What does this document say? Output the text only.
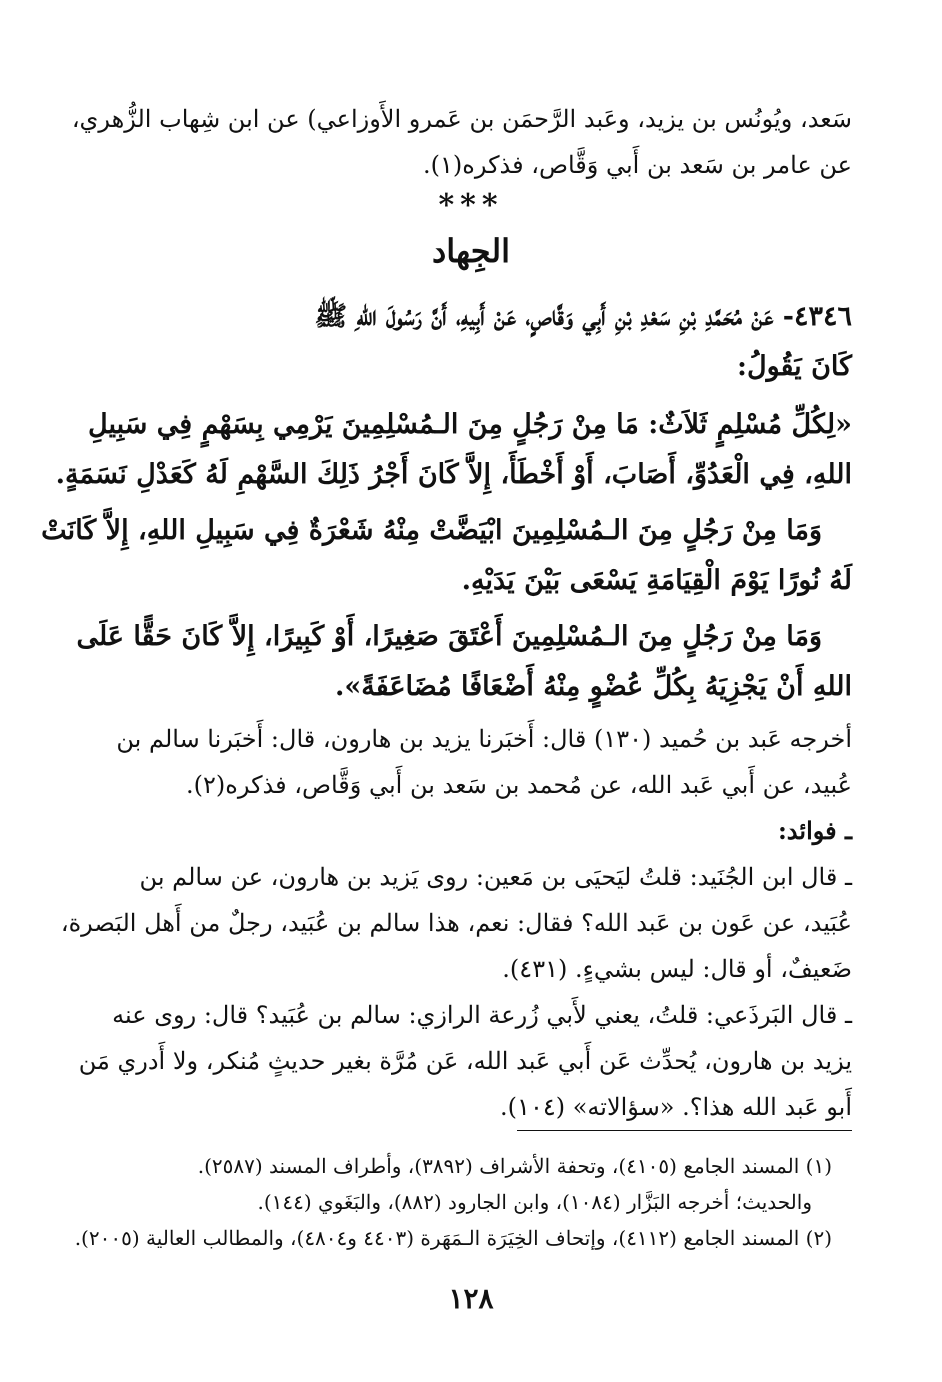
سَعد، ويُونُس بن يزيد، وعَبد الرَّحمَن بن عَمرو الأَوزاعي) عن ابن شِهاب الزُّهري،
عن عامر بن سَعد بن أَبي وَقَّاص، فذكره(١).
***
الجِهاد
٤٣٤٦- عَنْ مُحَمَّدِ بْنِ سَعْدِ بْنِ أَبِي وَقَّاصٍ، عَنْ أَبِيهِ، أَنَّ رَسُولَ اللهِ ﷺ
كَانَ يَقُولُ:
«لِكُلِّ مُسْلِمٍ ثَلاَثٌ: مَا مِنْ رَجُلٍ مِنَ الـمُسْلِمِينَ يَرْمِي بِسَهْمٍ فِي سَبِيلِ
اللهِ، فِي الْعَدُوِّ، أَصَابَ، أَوْ أَخْطَأَ، إِلاَّ كَانَ أَجْرُ ذَلِكَ السَّهْمِ لَهُ كَعَدْلِ نَسَمَةٍ.
وَمَا مِنْ رَجُلٍ مِنَ الـمُسْلِمِينَ ابْيَضَّتْ مِنْهُ شَعْرَةٌ فِي سَبِيلِ اللهِ، إِلاَّ كَانَتْ
لَهُ نُورًا يَوْمَ الْقِيَامَةِ يَسْعَى بَيْنَ يَدَيْهِ.
وَمَا مِنْ رَجُلٍ مِنَ الـمُسْلِمِينَ أَعْتَقَ صَغِيرًا، أَوْ كَبِيرًا، إِلاَّ كَانَ حَقًّا عَلَى
اللهِ أَنْ يَجْزِيَهُ بِكُلِّ عُضْوٍ مِنْهُ أَضْعَافًا مُضَاعَفَةً».
أخرجه عَبد بن حُميد (١٣٠) قال: أَخبَرنا يزيد بن هارون، قال: أَخبَرنا سالم بن
عُبيد، عن أَبي عَبد الله، عن مُحمد بن سَعد بن أَبي وَقَّاص، فذكره(٢).
ـ فوائد:
ـ قال ابن الجُنَيد: قلتُ ليَحيَى بن مَعين: روى يَزيد بن هارون، عن سالم بن
عُبَيد، عن عَون بن عَبد الله؟ فقال: نعم، هذا سالم بن عُبَيد، رجلٌ من أَهل البَصرة،
ضَعيفٌ، أو قال: ليس بشيءٍ. (٤٣١).
ـ قال البَرذَعي: قلتُ، يعني لأَبي زُرعة الرازي: سالم بن عُبَيد؟ قال: روى عنه
يزيد بن هارون، يُحدِّث عَن أَبي عَبد الله، عَن مُرَّة بغير حديثٍ مُنكر، ولا أَدري مَن
أَبو عَبد الله هذا؟. «سؤالاته» (١٠٤).
(١) المسند الجامع (٤١٠٥)، وتحفة الأشراف (٣٨٩٢)، وأطراف المسند (٢٥٨٧).
والحديث؛ أخرجه البَزَّار (١٠٨٤)، وابن الجارود (٨٨٢)، والبَغَوي (١٤٤).
(٢) المسند الجامع (٤١١٢)، وإتحاف الخِيَرَة الـمَهَرة (٤٤٠٣ و٤٨٠٤)، والمطالب العالية (٢٠٠٥).
١٢٨
